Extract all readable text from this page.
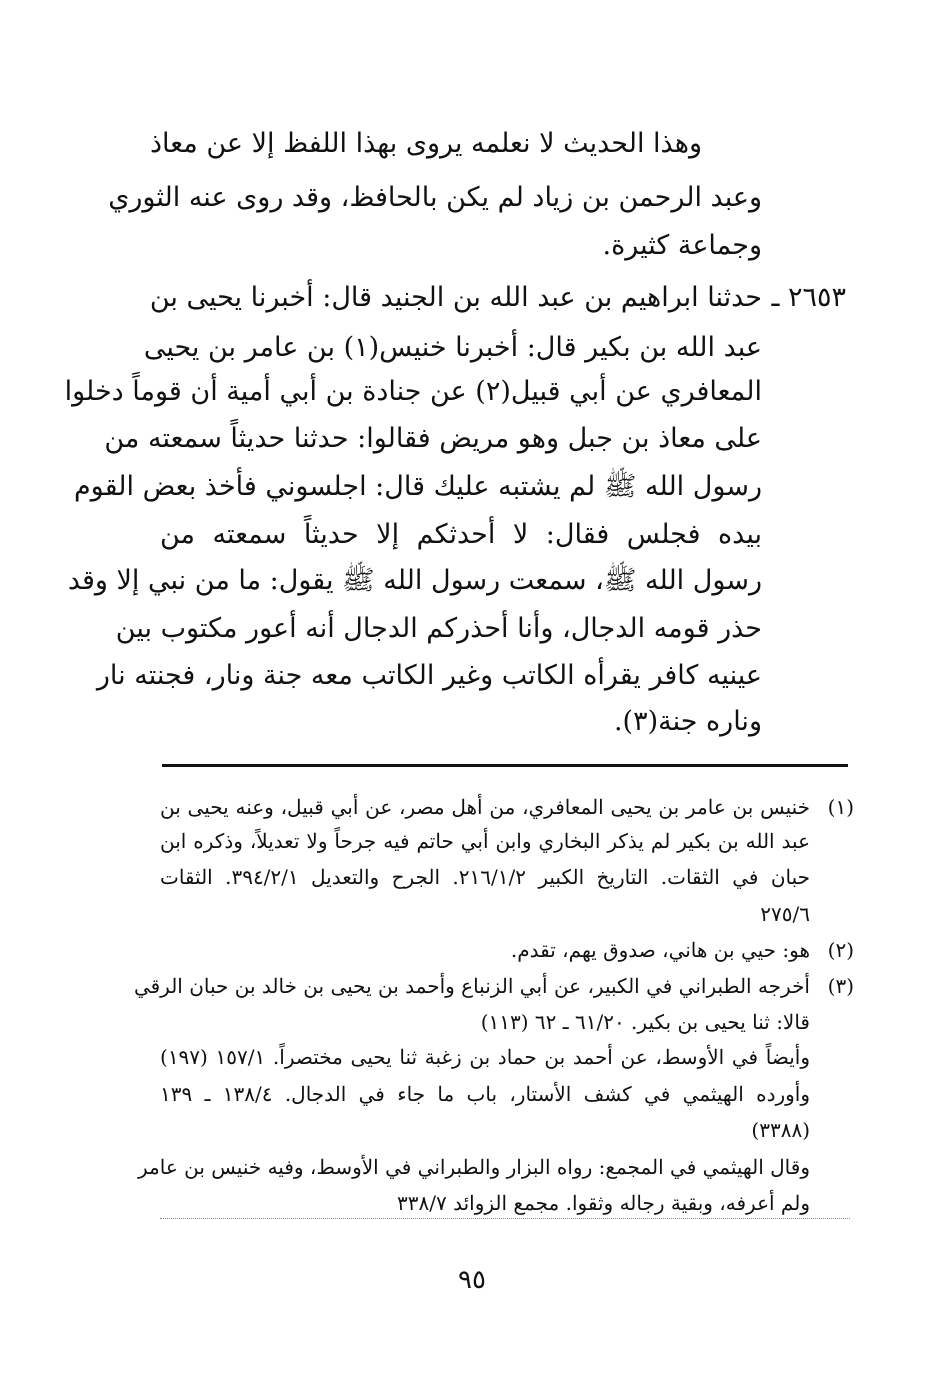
وهذا الحديث لا نعلمه يروى بهذا اللفظ إلا عن معاذ
وعبد الرحمن بن زياد لم يكن بالحافظ، وقد روى عنه الثوري
وجماعة كثيرة.
٢٦٥٣ ـ
حدثنا ابراهيم بن عبد الله بن الجنيد قال: أخبرنا يحيى بن
عبد الله بن بكير قال: أخبرنا خنيس(١) بن عامر بن يحيى
المعافري عن أبي قبيل(٢) عن جنادة بن أبي أمية أن قوماً دخلوا
على معاذ بن جبل وهو مريض فقالوا: حدثنا حديثاً سمعته من
رسول الله ﷺ لم يشتبه عليك قال: اجلسوني فأخذ بعض القوم
بيده فجلس فقال: لا أحدثكم إلا حديثاً سمعته من
رسول الله ﷺ، سمعت رسول الله ﷺ يقول: ما من نبي إلا وقد
حذر قومه الدجال، وأنا أحذركم الدجال أنه أعور مكتوب بين
عينيه كافر يقرأه الكاتب وغير الكاتب معه جنة ونار، فجنته نار
وناره جنة(٣).
(١)
خنيس بن عامر بن يحيى المعافري، من أهل مصر، عن أبي قبيل، وعنه يحيى بن
عبد الله بن بكير لم يذكر البخاري وابن أبي حاتم فيه جرحاً ولا تعديلاً، وذكره ابن
حبان في الثقات. التاريخ الكبير ٢١٦/١/٢. الجرح والتعديل ٣٩٤/٢/١. الثقات
٢٧٥/٦
(٢)
هو: حيي بن هاني، صدوق يهم، تقدم.
(٣)
أخرجه الطبراني في الكبير، عن أبي الزنباع وأحمد بن يحيى بن خالد بن حبان الرقي
قالا: ثنا يحيى بن بكير. ٦١/٢٠ ـ ٦٢ (١١٣)
وأيضاً في الأوسط، عن أحمد بن حماد بن زغبة ثنا يحيى مختصراً. ١٥٧/١ (١٩٧)
وأورده الهيثمي في كشف الأستار، باب ما جاء في الدجال. ١٣٨/٤ ـ ١٣٩
(٣٣٨٨)
وقال الهيثمي في المجمع: رواه البزار والطبراني في الأوسط، وفيه خنيس بن عامر
ولم أعرفه، وبقية رجاله وثقوا. مجمع الزوائد ٣٣٨/٧
٩٥
